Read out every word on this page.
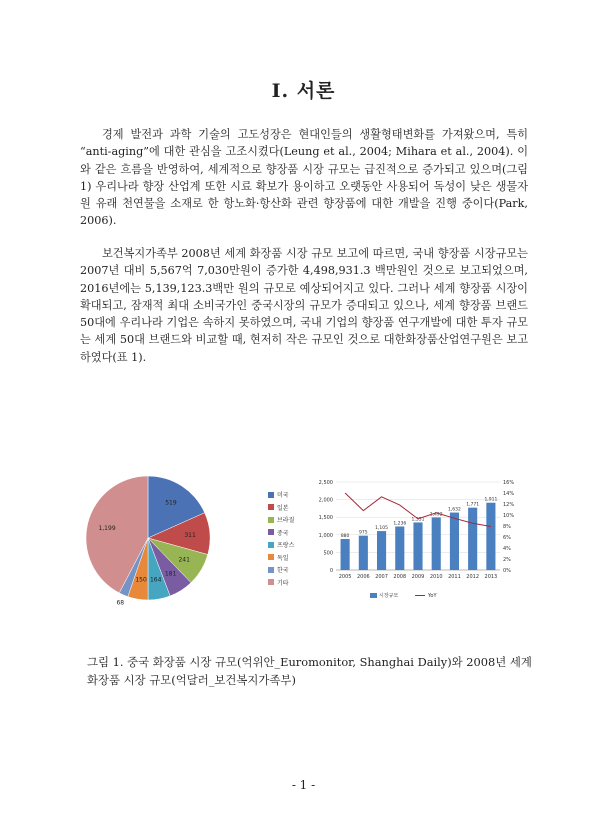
Ⅰ. 서론

경제 발전과 과학 기술의 고도성장은 현대인들의 생활형태변화를 가져왔으며, 특히 “anti-aging”에 대한 관심을 고조시켰다(Leung et al., 2004; Mihara et al., 2004). 이와 같은 흐름을 반영하여, 세계적으로 향장품 시장 규모는 급진적으로 증가되고 있으며(그림 1) 우리나라 향장 산업계 또한 시료 확보가 용이하고 오랫동안 사용되어 독성이 낮은 생물자원 유래 천연물을 소재로 한 항노화·항산화 관련 향장품에 대한 개발을 진행 중이다(Park, 2006).

보건복지가족부 2008년 세계 화장품 시장 규모 보고에 따르면, 국내 향장품 시장규모는 2007년 대비 5,567억 7,030만원이 증가한 4,498,931.3 백만원인 것으로 보고되었으며, 2016년에는 5,139,123.3백만 원의 규모로 예상되어지고 있다. 그러나 세계 향장품 시장이 확대되고, 잠재적 최대 소비국가인 중국시장의 규모가 증대되고 있으나, 세계 향장품 브랜드 50대에 우리나라 기업은 속하지 못하였으며, 국내 기업의 향장품 연구개발에 대한 투자 규모는 세계 50대 브랜드와 비교할 때, 현저히 작은 규모인 것으로 대한화장품산업연구원은 보고하였다(표 1).

519
311
241
181
164
150
68
1,199
미국
일본
브라질
중국
프랑스
독일
한국
기타
0
500
1,000
1,500
2,000
2,500
0%
2%
4%
6%
8%
10%
12%
14%
16%
880
2005
975
2006
1,105
2007
1,236
2008
1,351
2009
1,492
2010
1,632
2011
1,771
2012
1,911
2013
시장규모	YoY

그림 1. 중국 화장품 시장 규모(억위안_Euromonitor, Shanghai Daily)와 2008년 세계 화장품 시장 규모(억달러_보건복지가족부)

- 1 -
